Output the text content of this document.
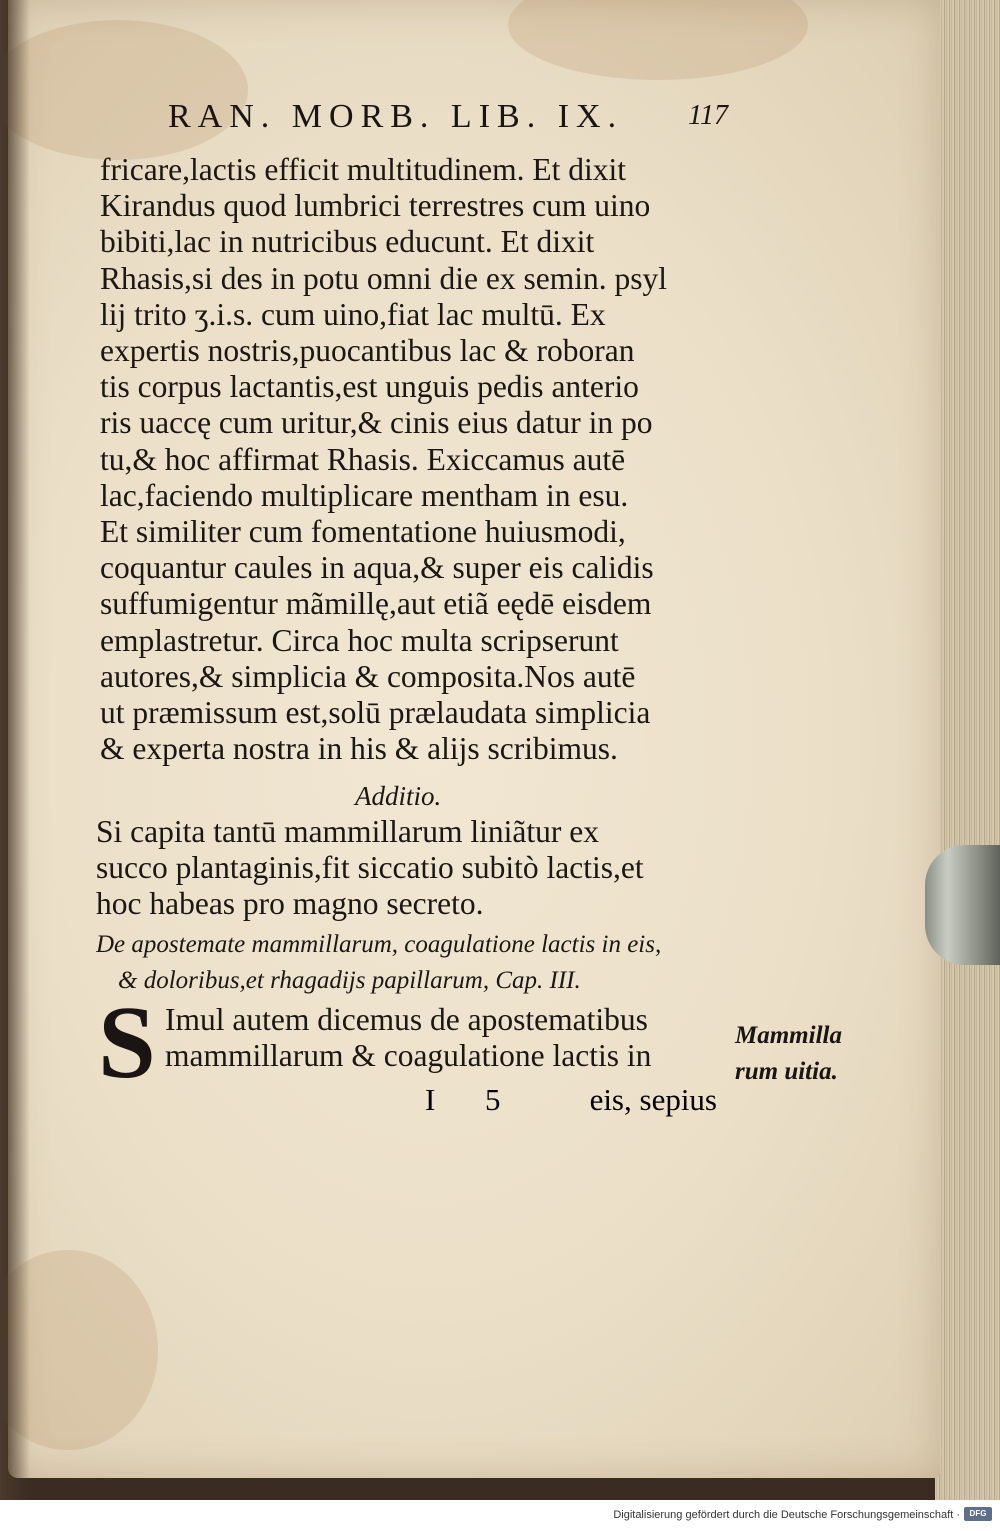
RAN. MORB. LIB. IX. 117
fricare,lactis efficit multitudinem. Et dixit
Kirandus quod lumbrici terrestres cum uino
bibiti,lac in nutricibus educunt. Et dixit
Rhasis,si des in potu omni die ex semin. psyl
lij trito ʒ.i.s. cum uino,fiat lac multū. Ex
expertis nostris,puocantibus lac & roboran
tis corpus lactantis,est unguis pedis anterio
ris uaccę cum uritur,& cinis eius datur in po
tu,& hoc affirmat Rhasis. Exiccamus autē
lac,faciendo multiplicare mentham in esu.
Et similiter cum fomentatione huiusmodi,
coquantur caules in aqua,& super eis calidis
suffumigentur mãmillę,aut etiã eędē eisdem
emplastretur. Circa hoc multa scripserunt
autores,& simplicia & composita.Nos autē
ut præmissum est,solū prælaudata simplicia
& experta nostra in his & alijs scribimus.
Additio.
Si capita tantū mammillarum liniãtur ex
succo plantaginis,fit siccatio subitò lactis,et
hoc habeas pro magno secreto.
De apostemate mammillarum, coagulatione lactis in eis,
& doloribus,et rhagadijs papillarum, Cap. III.
S Imul autem dicemus de apostematibus
mammillarum & coagulatione lactis in
I 5	eis, sepius
Mammilla
rum uitia.
Digitalisierung gefördert durch die Deutsche Forschungsgemeinschaft ·	DFG
